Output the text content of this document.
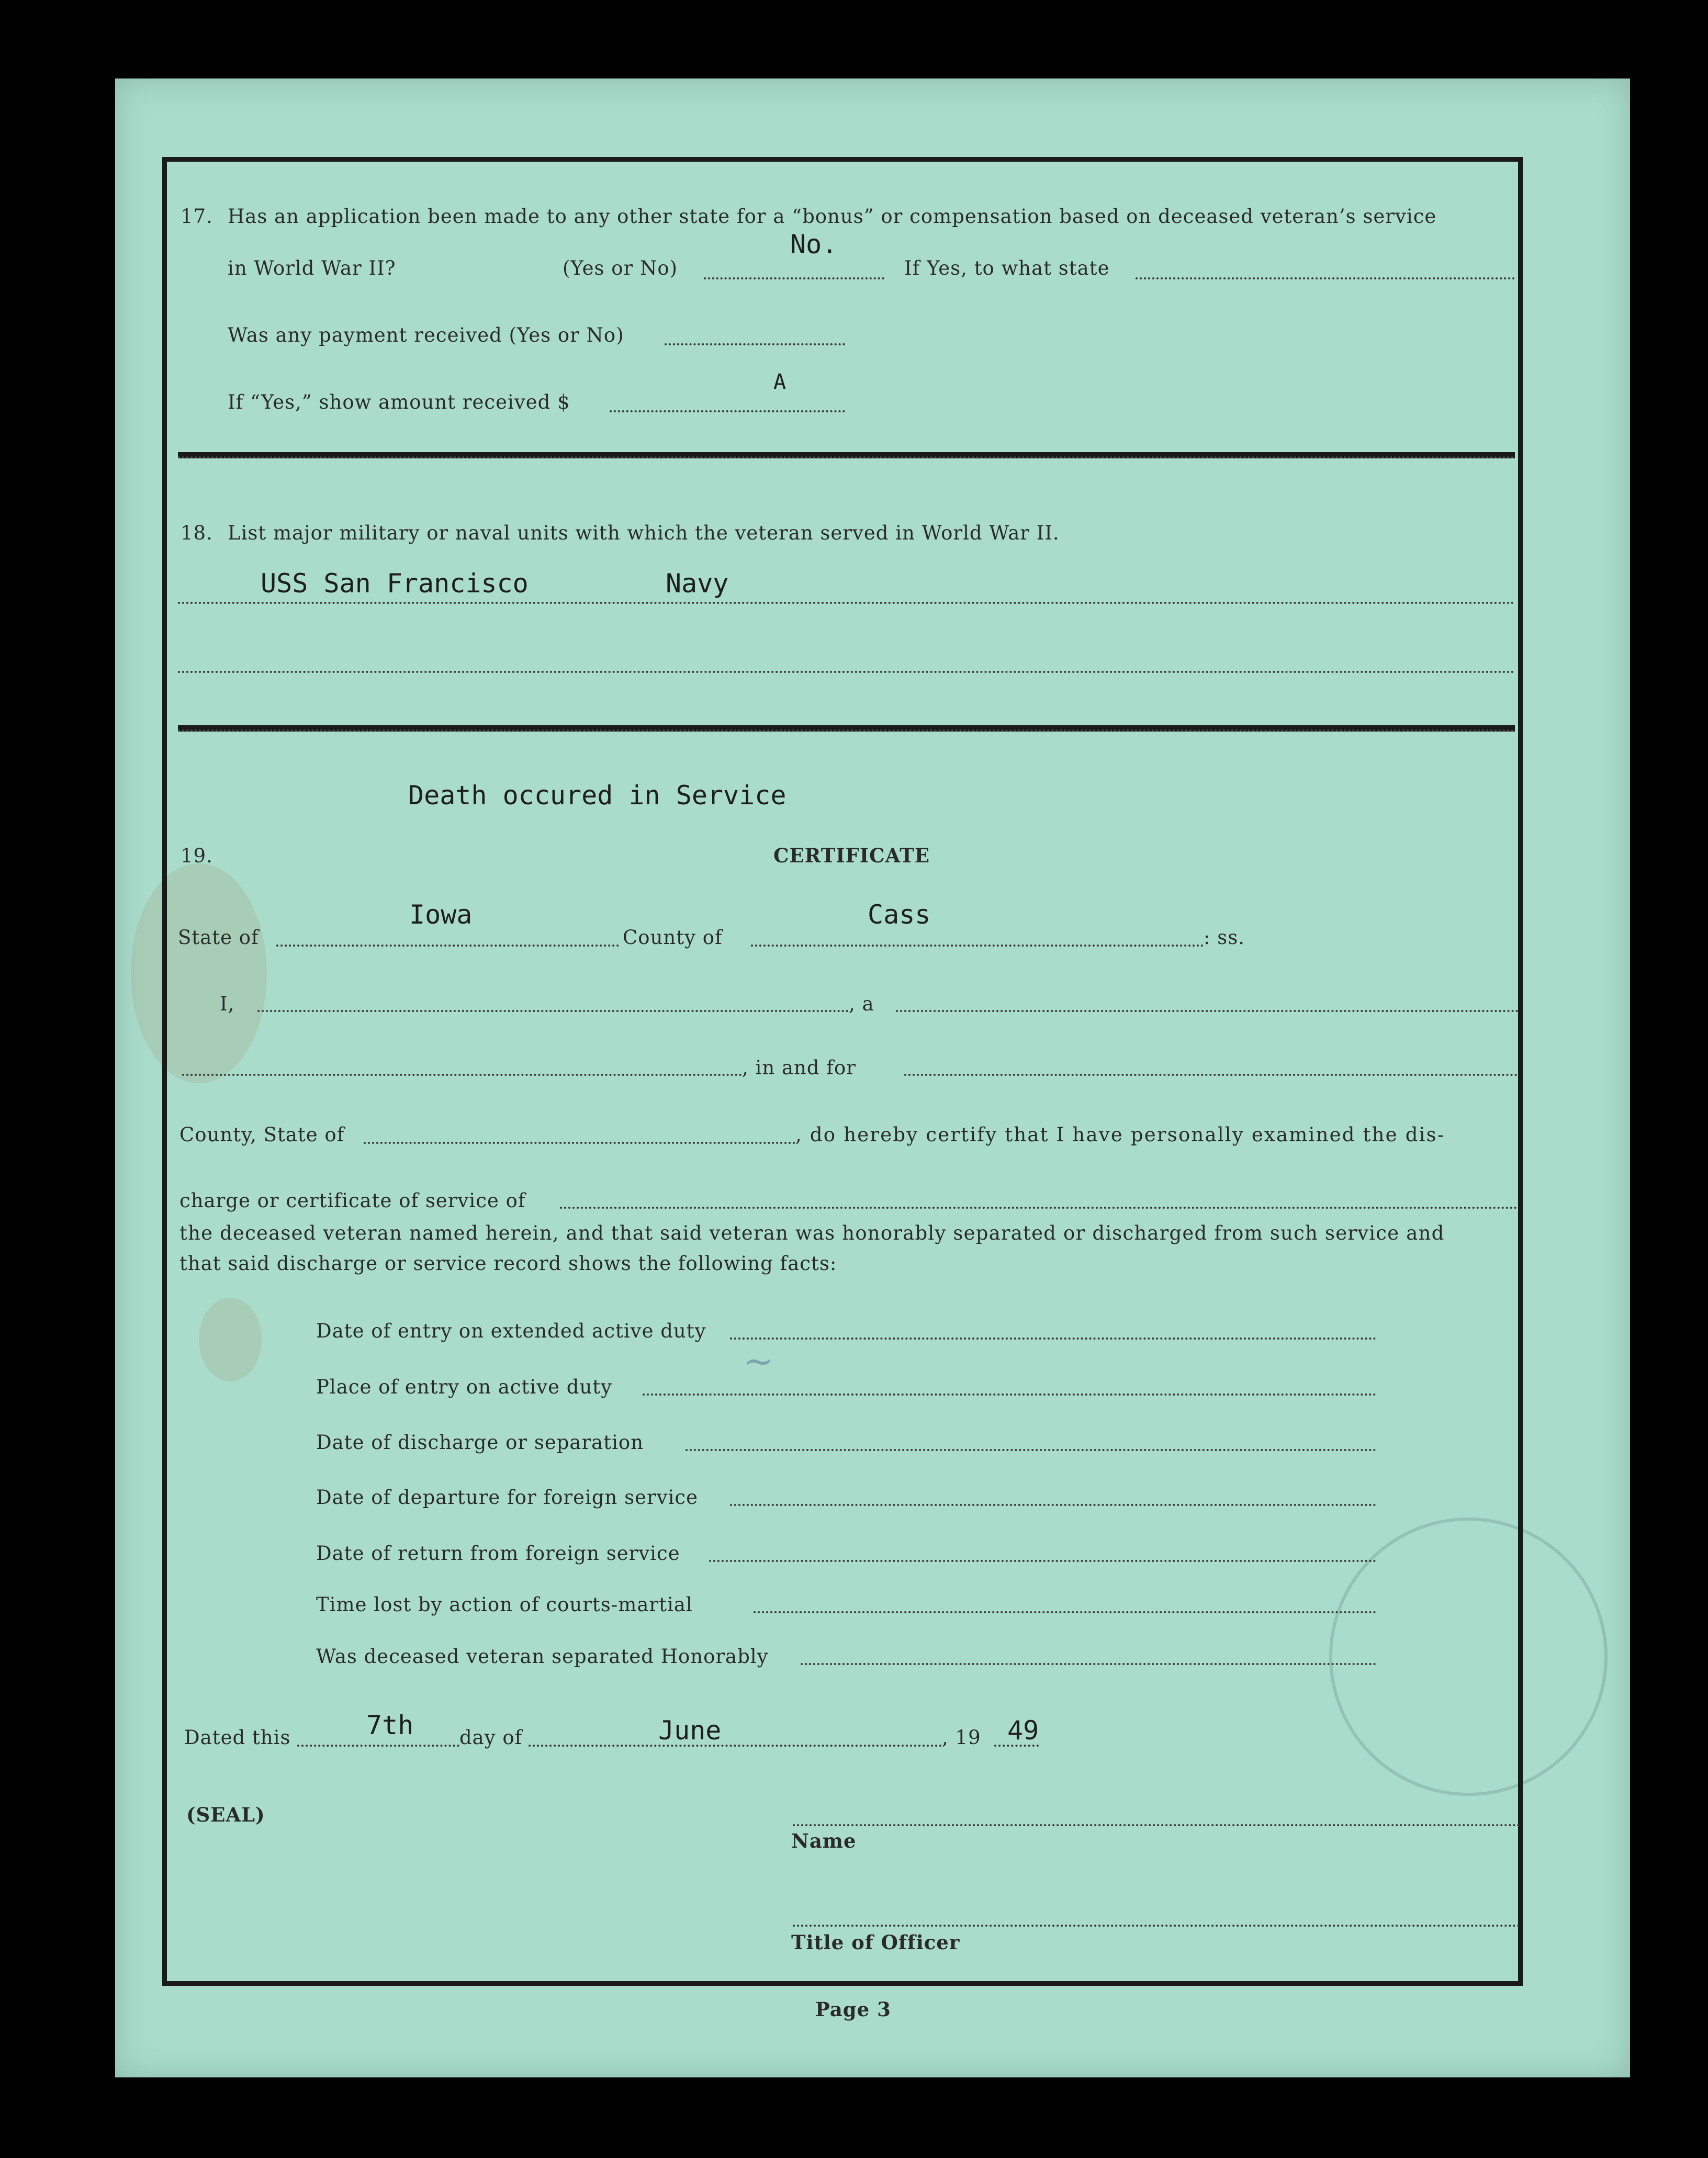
~
17. Has an application been made to any other state for a “bonus” or compensation based on deceased veteran’s service
in World War II?	(Yes or No)
No.
If Yes, to what state
Was any payment received (Yes or No)
If “Yes,” show amount received $
A
18. List major military or naval units with which the veteran served in World War II.
USS San Francisco	Navy
Death occured in Service
19.	CERTIFICATE
State of
Iowa
County of
Cass
: ss.
I,	, a
, in and for
County, State of	, do hereby certify that I have personally examined the dis-
charge or certificate of service of
the deceased veteran named herein, and that said veteran was honorably separated or discharged from such service and
that said discharge or service record shows the following facts:
Date of entry on extended active duty
Place of entry on active duty
Date of discharge or separation
Date of departure for foreign service
Date of return from foreign service
Time lost by action of courts-martial
Was deceased veteran separated Honorably
Dated this	7th day of	June	, 19 49
(SEAL)
Name
Title of Officer
Page 3
